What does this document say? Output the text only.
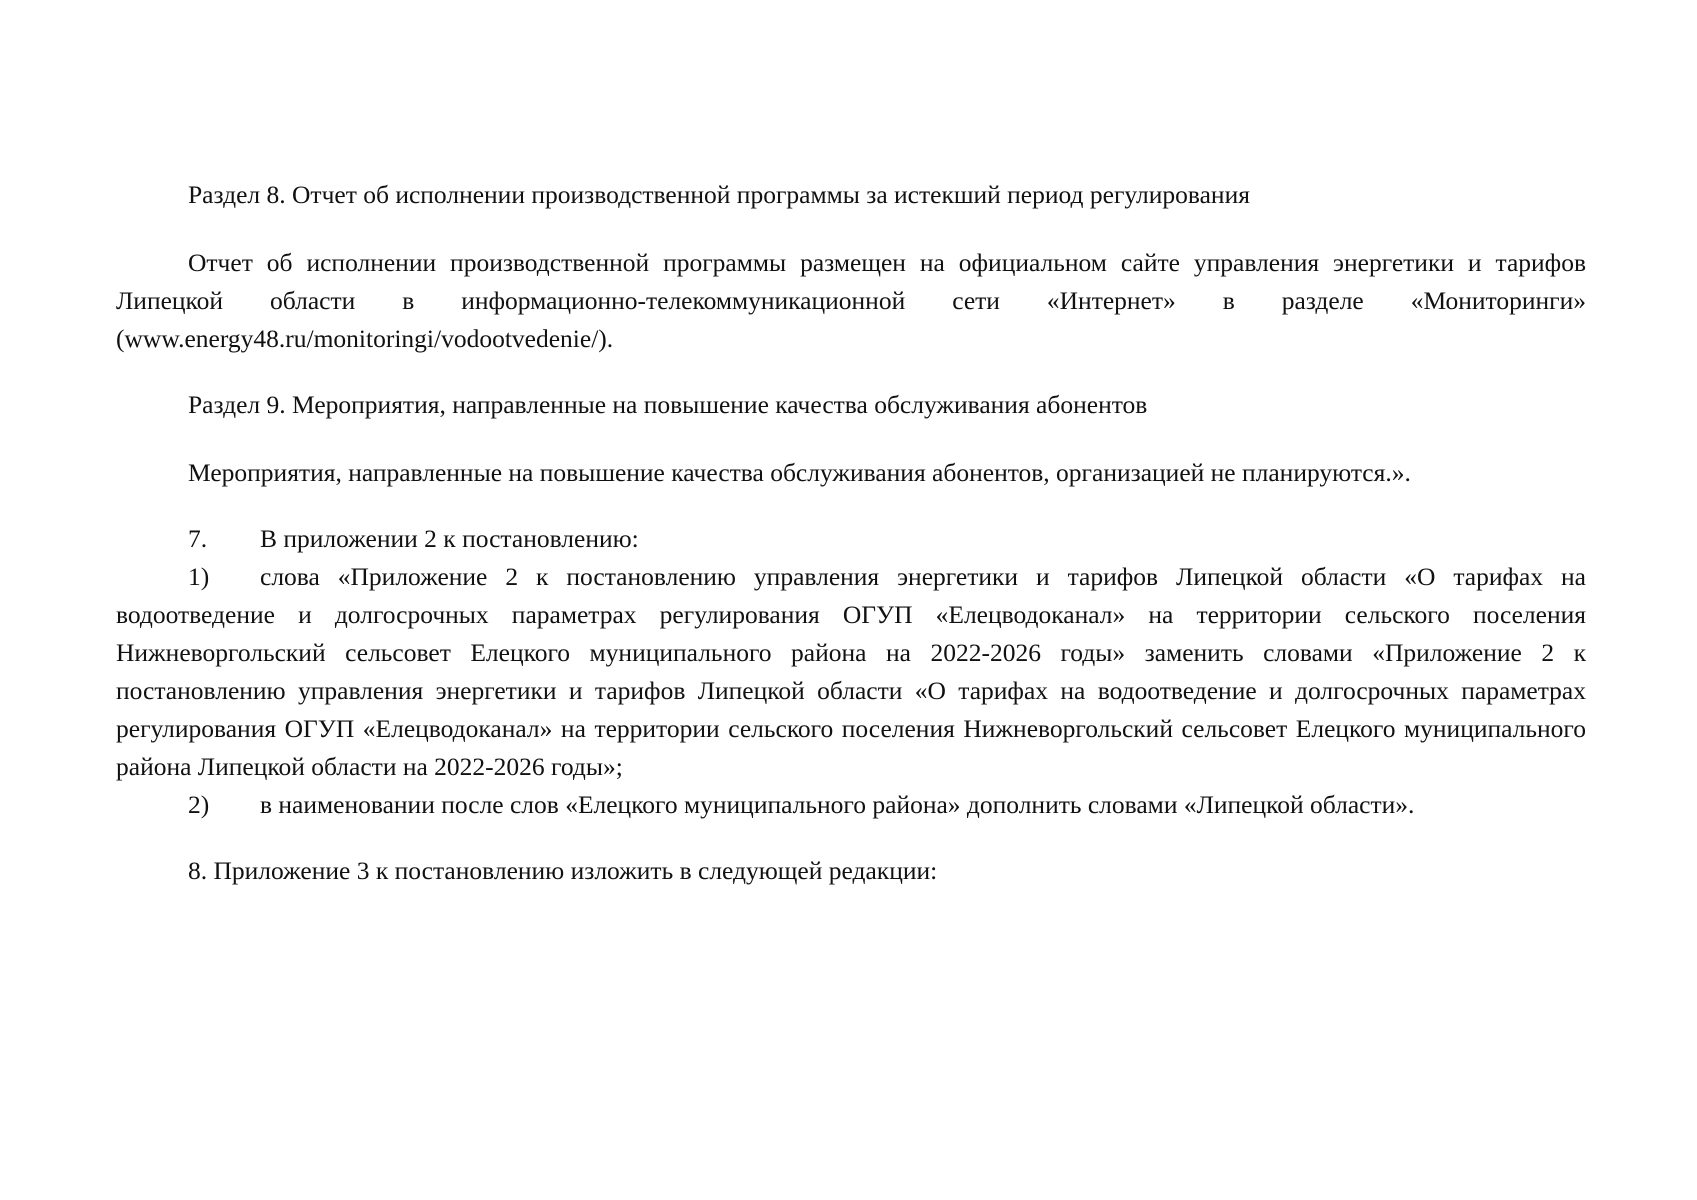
Раздел 8. Отчет об исполнении производственной программы за истекший период регулирования

Отчет об исполнении производственной программы размещен на официальном сайте управления энергетики и тарифов Липецкой области в информационно-телекоммуникационной сети «Интернет» в разделе «Мониторинги» (www.energy48.ru/monitoringi/vodootvedenie/).

Раздел 9. Мероприятия, направленные на повышение качества обслуживания абонентов

Мероприятия, направленные на повышение качества обслуживания абонентов, организацией не планируются.».

7. В приложении 2 к постановлению:

1) слова «Приложение 2 к постановлению управления энергетики и тарифов Липецкой области «О тарифах на водоотведение и долгосрочных параметрах регулирования ОГУП «Елецводоканал» на территории сельского поселения Нижневоргольский сельсовет Елецкого муниципального района на 2022-2026 годы» заменить словами «Приложение 2 к постановлению управления энергетики и тарифов Липецкой области «О тарифах на водоотведение и долгосрочных параметрах регулирования ОГУП «Елецводоканал» на территории сельского поселения Нижневоргольский сельсовет Елецкого муниципального района Липецкой области на 2022-2026 годы»;

2) в наименовании после слов «Елецкого муниципального района» дополнить словами «Липецкой области».

8. Приложение 3 к постановлению изложить в следующей редакции:
